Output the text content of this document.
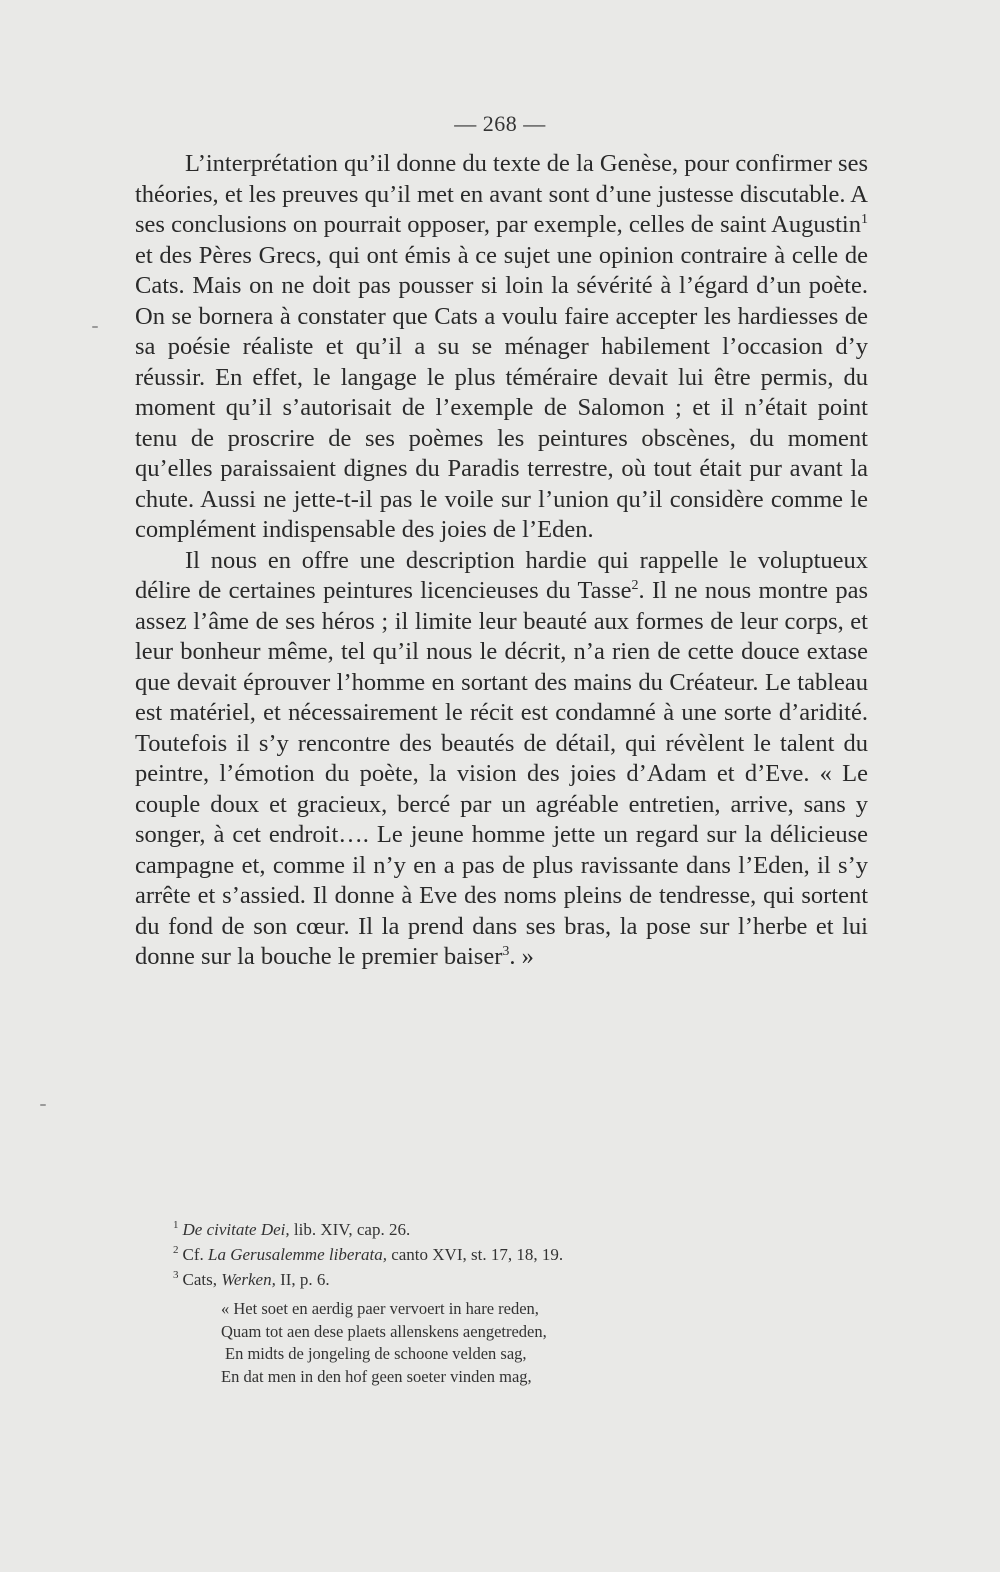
— 268 —

L’interprétation qu’il donne du texte de la Genèse, pour confirmer ses théories, et les preuves qu’il met en avant sont d’une justesse discutable. A ses conclusions on pourrait opposer, par exemple, celles de saint Augustin$^1$ et des Pères Grecs, qui ont émis à ce sujet une opinion contraire à celle de Cats. Mais on ne doit pas pousser si loin la sévérité à l’égard d’un poète. On se bornera à constater que Cats a voulu faire accepter les hardiesses de sa poésie réaliste et qu’il a su se ménager habilement l’occasion d’y réussir. En effet, le langage le plus téméraire devait lui être permis, du moment qu’il s’autorisait de l’exemple de Salomon ; et il n’était point tenu de proscrire de ses poèmes les peintures obscènes, du moment qu’elles paraissaient dignes du Paradis terrestre, où tout était pur avant la chute. Aussi ne jette-t-il pas le voile sur l’union qu’il considère comme le complément indispensable des joies de l’Eden.

Il nous en offre une description hardie qui rappelle le voluptueux délire de certaines peintures licencieuses du Tasse$^2$. Il ne nous montre pas assez l’âme de ses héros ; il limite leur beauté aux formes de leur corps, et leur bonheur même, tel qu’il nous le décrit, n’a rien de cette douce extase que devait éprouver l’homme en sortant des mains du Créateur. Le tableau est matériel, et nécessairement le récit est condamné à une sorte d’aridité. Toutefois il s’y rencontre des beautés de détail, qui révèlent le talent du peintre, l’émotion du poète, la vision des joies d’Adam et d’Eve. « Le couple doux et gracieux, bercé par un agréable entretien, arrive, sans y songer, à cet endroit…. Le jeune homme jette un regard sur la délicieuse campagne et, comme il n’y en a pas de plus ravissante dans l’Eden, il s’y arrête et s’assied. Il donne à Eve des noms pleins de tendresse, qui sortent du fond de son cœur. Il la prend dans ses bras, la pose sur l’herbe et lui donne sur la bouche le premier baiser$^3$. »

$^1$ De civitate Dei, lib. XIV, cap. 26.
$^2$ Cf. La Gerusalemme liberata, canto XVI, st. 17, 18, 19.
$^3$ Cats, Werken, II, p. 6.
« Het soet en aerdig paer vervoert in hare reden,
Quam tot aen dese plaets allenskens aengetreden,
En midts de jongeling de schoone velden sag,
En dat men in den hof geen soeter vinden mag,
